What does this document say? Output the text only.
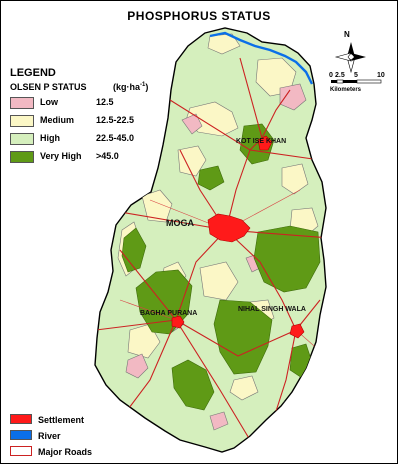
PHOSPHORUS STATUS
LEGEND
OLSEN P STATUS	$(kg\cdot ha^{-1})$
Low	12.5
Medium 12.5-22.5
High	22.5-45.0
Very High >45.0
Settlement
River
Major Roads
KOT ISE KHAN
MOGA
BAGHA PURANA
NIHAL SINGH WALA
N
0 2.5 5	10
Kilometers
